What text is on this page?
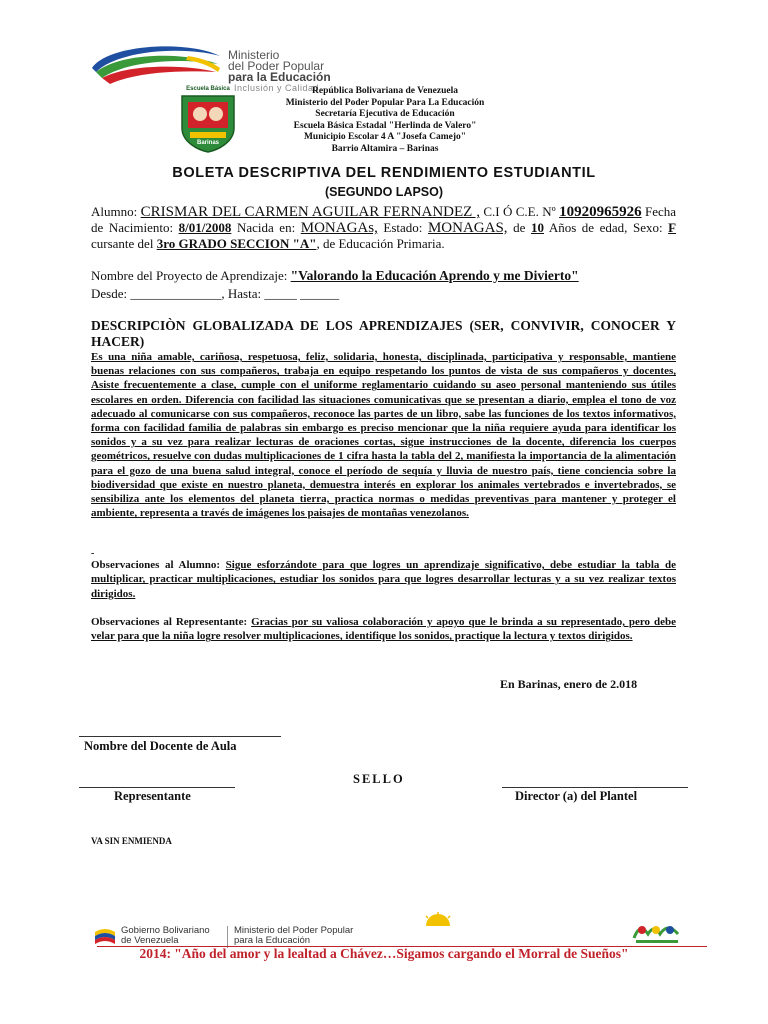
Ministerio
del Poder Popular
para la Educación
Inclusión y Calidad
Escuela Básica
Barinas
República Bolivariana de Venezuela
Ministerio del Poder Popular Para La Educación
Secretaría Ejecutiva de Educación
Escuela Básica Estadal "Herlinda de Valero"
Municipio Escolar 4 A "Josefa Camejo"
Barrio Altamira – Barinas
BOLETA DESCRIPTIVA DEL RENDIMIENTO ESTUDIANTIL
(SEGUNDO LAPSO)
Alumno: CRISMAR DEL CARMEN AGUILAR FERNANDEZ , C.I Ó C.E. Nº 10920965926 Fecha de Nacimiento: 8/01/2008 Nacida en: MONAGAs, Estado: MONAGAS, de 10 Años de edad, Sexo: F cursante del 3ro GRADO SECCION "A", de Educación Primaria.
Nombre del Proyecto de Aprendizaje: "Valorando la Educación Aprendo y me Divierto"
Desde: ______________, Hasta: _____ ______
DESCRIPCIÒN GLOBALIZADA DE LOS APRENDIZAJES (SER, CONVIVIR, CONOCER Y HACER)
Es una niña amable, cariñosa, respetuosa, feliz, solidaria, honesta, disciplinada, participativa y responsable, mantiene buenas relaciones con sus compañeros, trabaja en equipo respetando los puntos de vista de sus compañeros y docentes, Asiste frecuentemente a clase, cumple con el uniforme reglamentario cuidando su aseo personal manteniendo sus útiles escolares en orden. Diferencia con facilidad las situaciones comunicativas que se presentan a diario, emplea el tono de voz adecuado al comunicarse con sus compañeros, reconoce las partes de un libro, sabe las funciones de los textos informativos, forma con facilidad familia de palabras sin embargo es preciso mencionar que la niña requiere ayuda para identificar los sonidos y a su vez para realizar lecturas de oraciones cortas, sigue instrucciones de la docente, diferencia los cuerpos geométricos, resuelve con dudas multiplicaciones de 1 cifra hasta la tabla del 2, manifiesta la importancia de la alimentación para el gozo de una buena salud integral, conoce el período de sequía y lluvia de nuestro país, tiene conciencia sobre la biodiversidad que existe en nuestro planeta, demuestra interés en explorar los animales vertebrados e invertebrados, se sensibiliza ante los elementos del planeta tierra, practica normas o medidas preventivas para mantener y proteger el ambiente, representa a través de imágenes los paisajes de montañas venezolanos.
-
Observaciones al Alumno: Sigue esforzándote para que logres un aprendizaje significativo, debe estudiar la tabla de multiplicar, practicar multiplicaciones, estudiar los sonidos para que logres desarrollar lecturas y a su vez realizar textos dirigidos.
Observaciones al Representante: Gracias por su valiosa colaboración y apoyo que le brinda a su representado, pero debe velar para que la niña logre resolver multiplicaciones, identifique los sonidos, practique la lectura y textos dirigidos.
En Barinas, enero de 2.018
Nombre del Docente de Aula
SELLO
Representante	Director (a) del Plantel
VA SIN ENMIENDA
Gobierno Bolivariano
de Venezuela
Ministerio del Poder Popular
para la Educación
2014: "Año del amor y la lealtad a Chávez…Sigamos cargando el Morral de Sueños"
